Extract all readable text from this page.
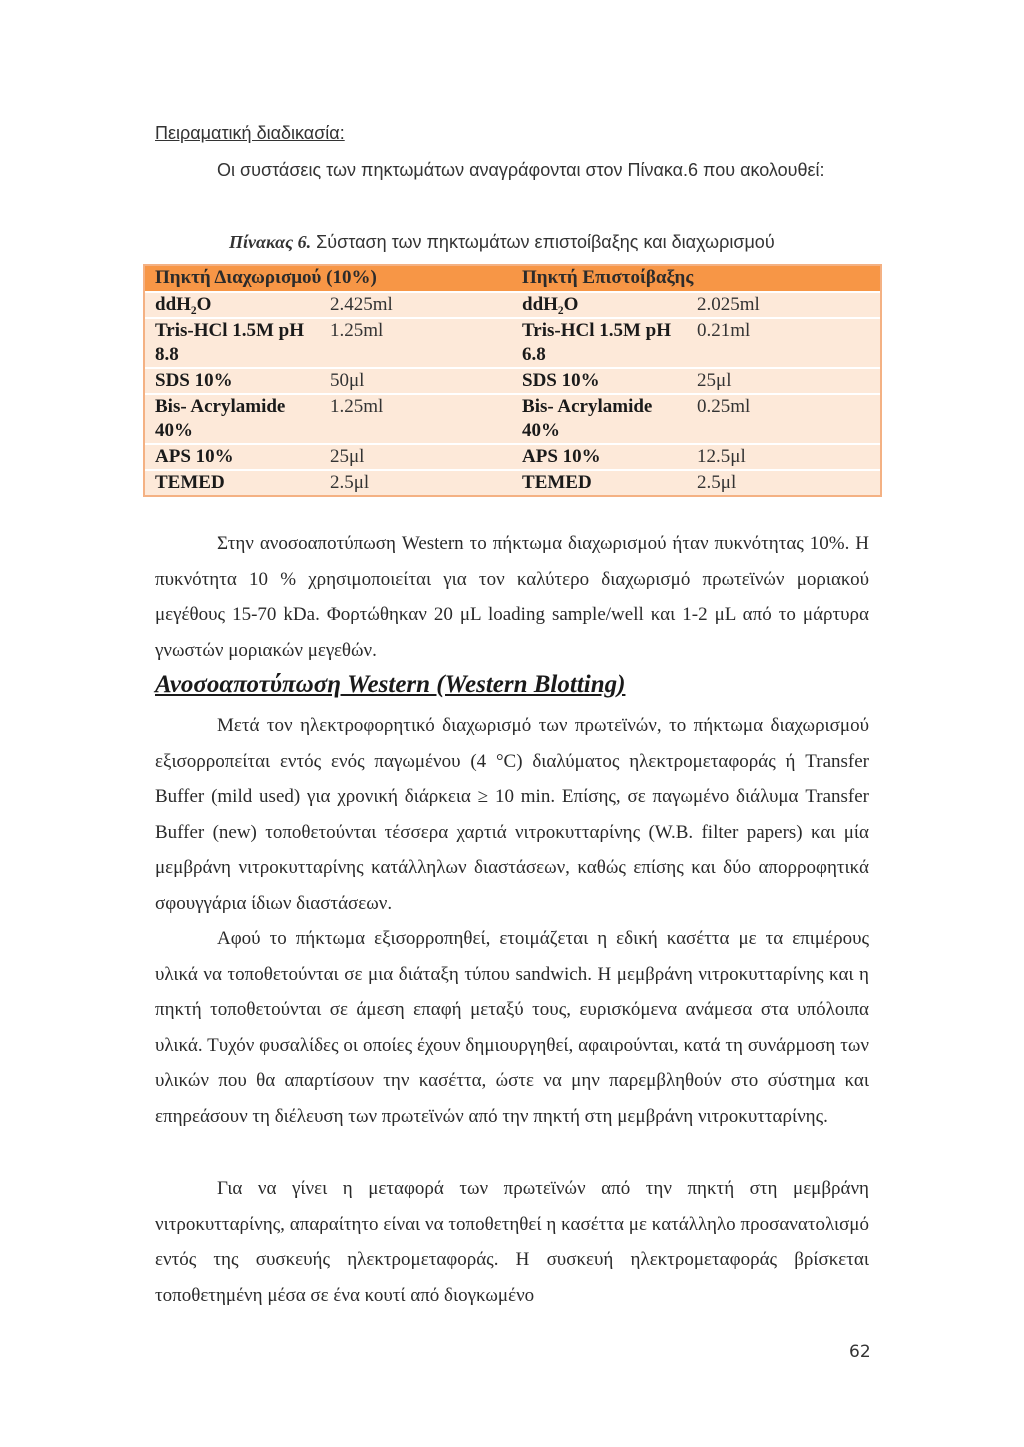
Πειραματική διαδικασία:
Οι συστάσεις των πηκτωμάτων αναγράφονται στον Πίνακα.6 που ακολουθεί:
Πίνακας 6. Σύσταση των πηκτωμάτων επιστοίβαξης και διαχωρισμού
Πηκτή Διαχωρισμού (10%)		Πηκτή Επιστοίβαξης	
ddH₂O	2.425ml	ddH₂O	2.025ml
Tris-HCl 1.5M pH 8.8	1.25ml	Tris-HCl 1.5M pH 6.8	0.21ml
SDS 10%	50μl	SDS 10%	25μl
Bis- Acrylamide 40%	1.25ml	Bis- Acrylamide 40%	0.25ml
APS 10%	25μl	APS 10%	12.5μl
TEMED	2.5μl	TEMED	2.5μl
Στην ανοσοαποτύπωση Western το πήκτωμα διαχωρισμού ήταν πυκνότητας 10%. Η πυκνότητα 10 % χρησιμοποιείται για τον καλύτερο διαχωρισμό πρωτεϊνών μοριακού μεγέθους 15-70 kDa. Φορτώθηκαν 20 μL loading sample/well και 1-2 μL από το μάρτυρα γνωστών μοριακών μεγεθών.
Ανοσοαποτύπωση Western (Western Blotting)
Μετά τον ηλεκτροφορητικό διαχωρισμό των πρωτεϊνών, το πήκτωμα διαχωρισμού εξισορροπείται εντός ενός παγωμένου (4 °C) διαλύματος ηλεκτρομεταφοράς ή Transfer Buffer (mild used) για χρονική διάρκεια ≥ 10 min. Επίσης, σε παγωμένο διάλυμα Transfer Buffer (new) τοποθετούνται τέσσερα χαρτιά νιτροκυτταρίνης (W.B. filter papers) και μία μεμβράνη νιτροκυτταρίνης κατάλληλων διαστάσεων, καθώς επίσης και δύο απορροφητικά σφουγγάρια ίδιων διαστάσεων.
Αφού το πήκτωμα εξισορροπηθεί, ετοιμάζεται η εδική κασέττα με τα επιμέρους υλικά να τοποθετούνται σε μια διάταξη τύπου sandwich. Η μεμβράνη νιτροκυτταρίνης και η πηκτή τοποθετούνται σε άμεση επαφή μεταξύ τους, ευρισκόμενα ανάμεσα στα υπόλοιπα υλικά. Τυχόν φυσαλίδες οι οποίες έχουν δημιουργηθεί, αφαιρούνται, κατά τη συνάρμοση των υλικών που θα απαρτίσουν την κασέττα, ώστε να μην παρεμβληθούν στο σύστημα και επηρεάσουν τη διέλευση των πρωτεϊνών από την πηκτή στη μεμβράνη νιτροκυτταρίνης.
Για να γίνει η μεταφορά των πρωτεϊνών από την πηκτή στη μεμβράνη νιτροκυτταρίνης, απαραίτητο είναι να τοποθετηθεί η κασέττα με κατάλληλο προσανατολισμό εντός της συσκευής ηλεκτρομεταφοράς. Η συσκευή ηλεκτρομεταφοράς βρίσκεται τοποθετημένη μέσα σε ένα κουτί από διογκωμένο
62
